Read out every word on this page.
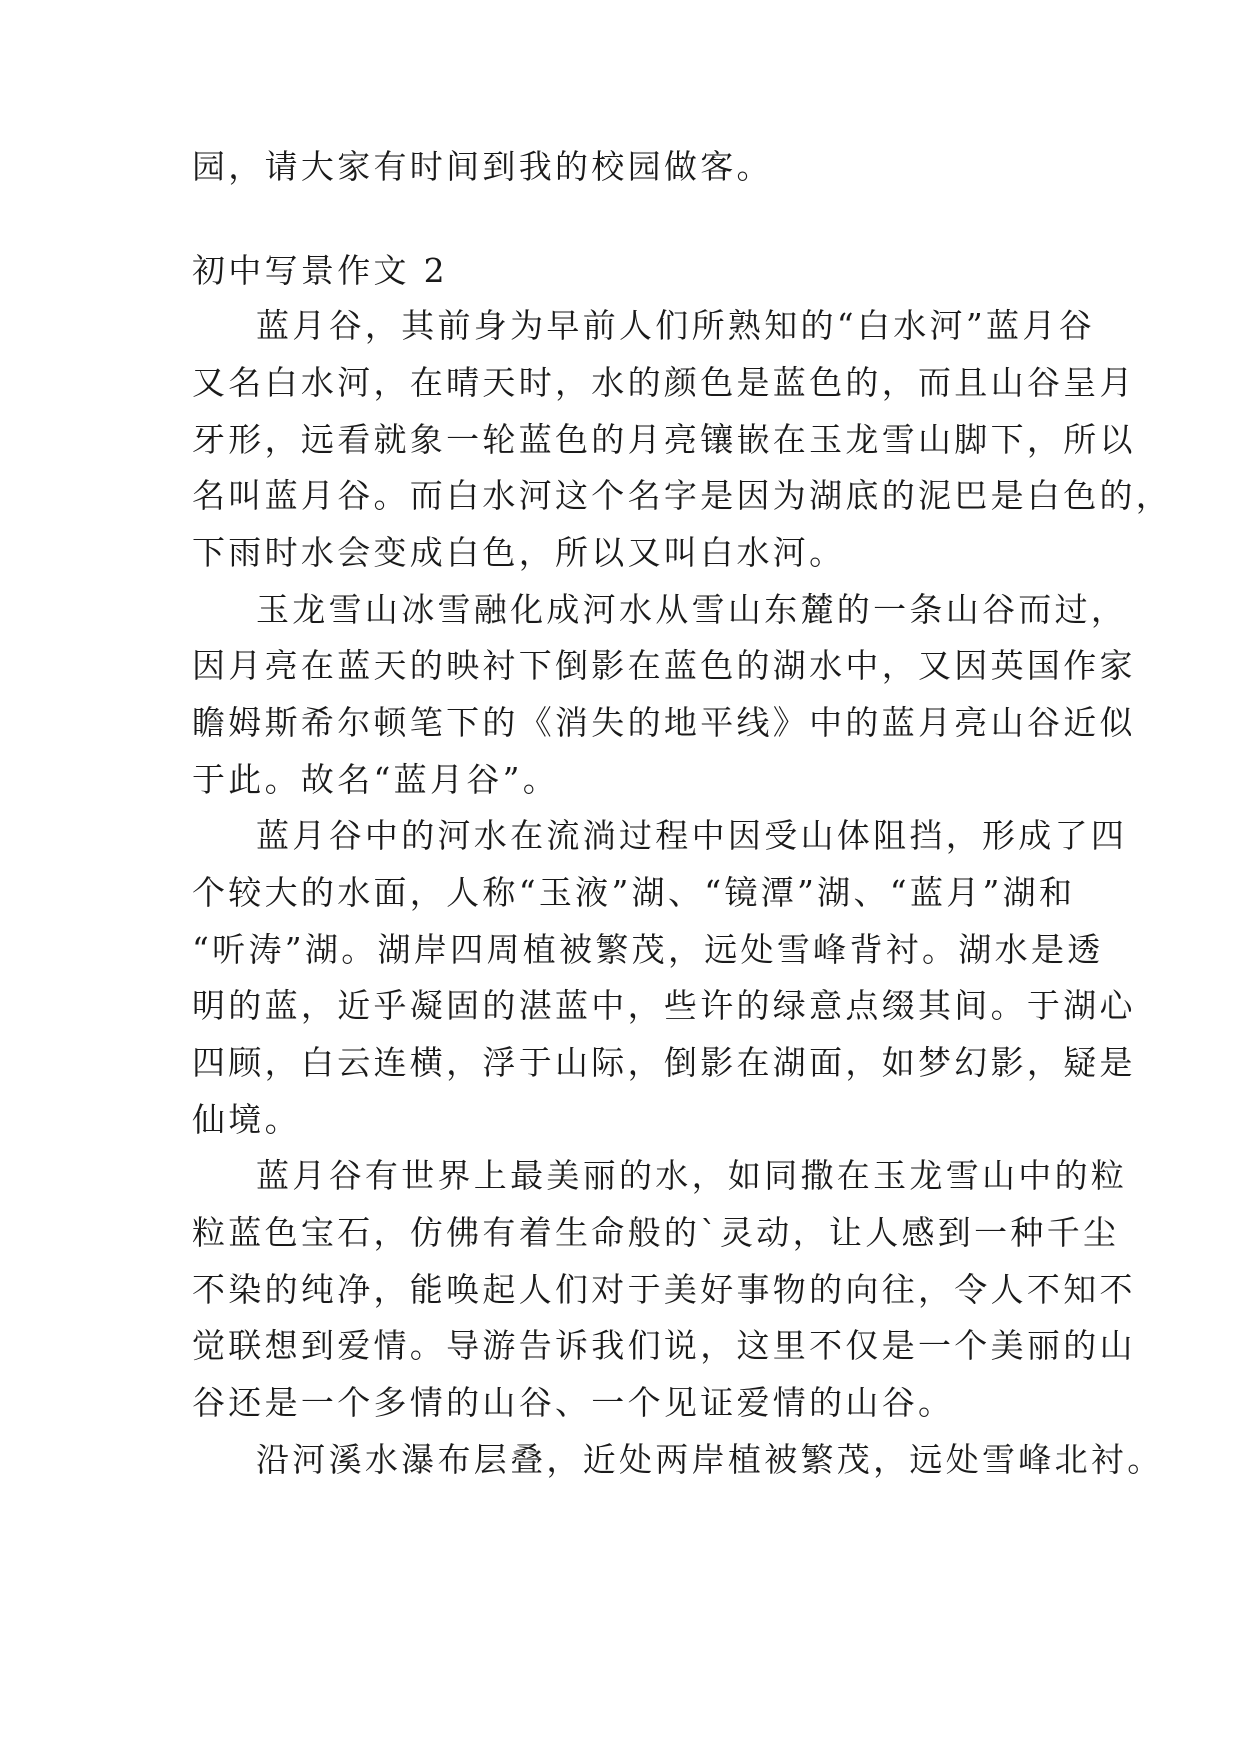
园，请大家有时间到我的校园做客。
初中写景作文 2
蓝月谷，其前身为早前人们所熟知的“白水河”蓝月谷
又名白水河，在晴天时，水的颜色是蓝色的，而且山谷呈月
牙形，远看就象一轮蓝色的月亮镶嵌在玉龙雪山脚下，所以
名叫蓝月谷。而白水河这个名字是因为湖底的泥巴是白色的，
下雨时水会变成白色，所以又叫白水河。
玉龙雪山冰雪融化成河水从雪山东麓的一条山谷而过，
因月亮在蓝天的映衬下倒影在蓝色的湖水中，又因英国作家
瞻姆斯希尔顿笔下的《消失的地平线》中的蓝月亮山谷近似
于此。故名“蓝月谷”。
蓝月谷中的河水在流淌过程中因受山体阻挡，形成了四
个较大的水面，人称“玉液”湖、“镜潭”湖、“蓝月”湖和
“听涛”湖。湖岸四周植被繁茂，远处雪峰背衬。湖水是透
明的蓝，近乎凝固的湛蓝中，些许的绿意点缀其间。于湖心
四顾，白云连横，浮于山际，倒影在湖面，如梦幻影，疑是
仙境。
蓝月谷有世界上最美丽的水，如同撒在玉龙雪山中的粒
粒蓝色宝石，仿佛有着生命般的`灵动，让人感到一种千尘
不染的纯净，能唤起人们对于美好事物的向往，令人不知不
觉联想到爱情。导游告诉我们说，这里不仅是一个美丽的山
谷还是一个多情的山谷、一个见证爱情的山谷。
沿河溪水瀑布层叠，近处两岸植被繁茂，远处雪峰北衬。
